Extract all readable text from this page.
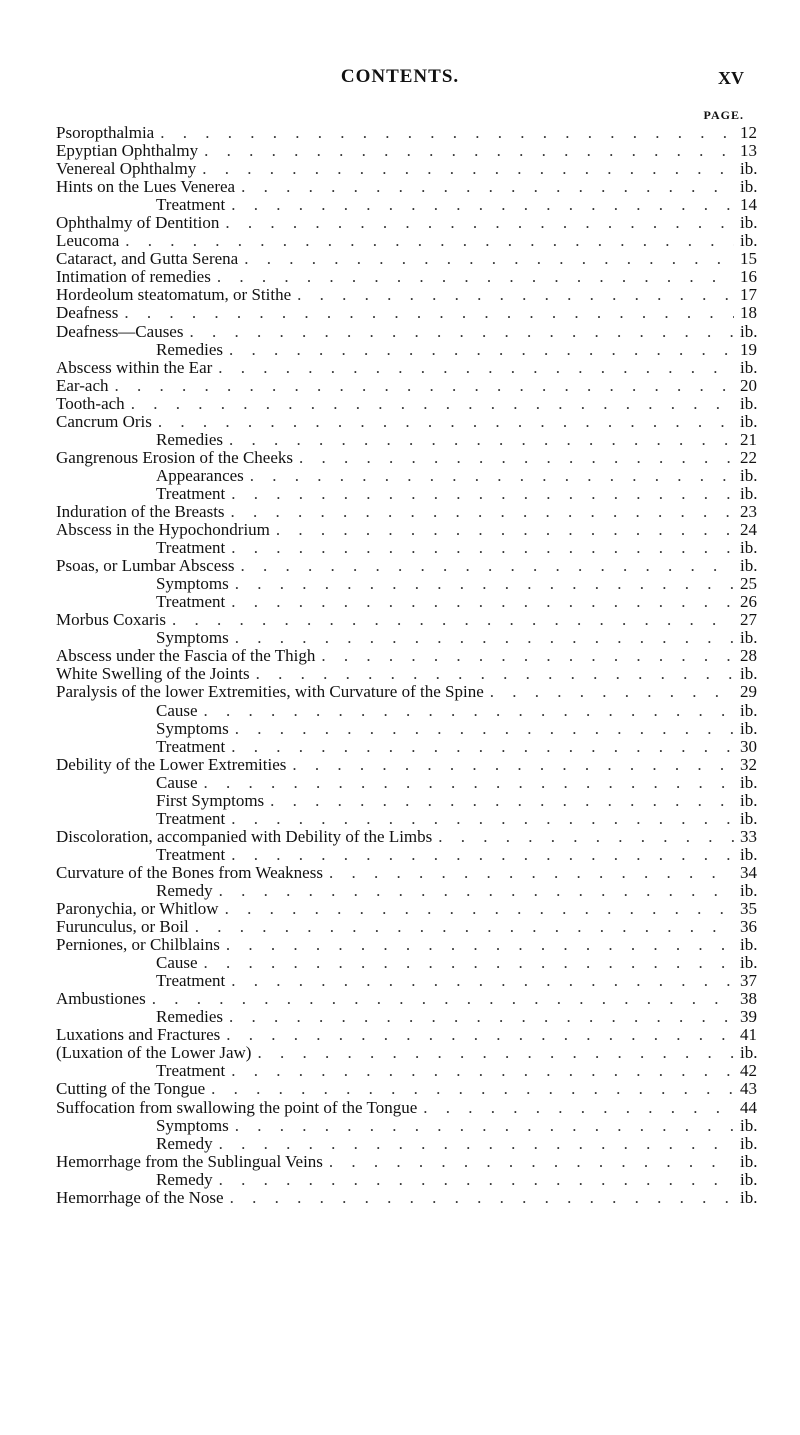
CONTENTS.	XV
PAGE.
Psoropthalmia . . .	12
Epyptian Ophthalmy . . .	13
Venereal Ophthalmy . . .	ib.
Hints on the Lues Venerea . . .	ib.
Treatment . . .	14
Ophthalmy of Dentition . . .	ib.
Leucoma . . .	ib.
Cataract, and Gutta Serena . . .	15
Intimation of remedies . . .	16
Hordeolum steatomatum, or Stithe . . .	17
Deafness . . .	18
Deafness—Causes . . .	ib.
Remedies . . .	19
Abscess within the Ear . . .	ib.
Ear-ach . . .	20
Tooth-ach . . .	ib.
Cancrum Oris . . .	ib.
Remedies . . .	21
Gangrenous Erosion of the Cheeks . . .	22
Appearances . . .	ib.
Treatment . . .	ib.
Induration of the Breasts . . .	23
Abscess in the Hypochondrium . . .	24
Treatment . . .	ib.
Psoas, or Lumbar Abscess . . .	ib.
Symptoms . . .	25
Treatment . . .	26
Morbus Coxaris . . .	27
Symptoms . . .	ib.
Abscess under the Fascia of the Thigh . . .	28
White Swelling of the Joints . . .	ib.
Paralysis of the lower Extremities, with Curvature of the Spine . . .	29
Cause . . .	ib.
Symptoms . . .	ib.
Treatment . . .	30
Debility of the Lower Extremities . . .	32
Cause . . .	ib.
First Symptoms . . .	ib.
Treatment . . .	ib.
Discoloration, accompanied with Debility of the Limbs . . .	33
Treatment . . .	ib.
Curvature of the Bones from Weakness . . .	34
Remedy . . .	ib.
Paronychia, or Whitlow . . .	35
Furunculus, or Boil . . .	36
Perniones, or Chilblains . . .	ib.
Cause . . .	ib.
Treatment . . .	37
Ambustiones . . .	38
Remedies . . .	39
Luxations and Fractures . . .	41
(Luxation of the Lower Jaw) . . .	ib.
Treatment . . .	42
Cutting of the Tongue . . .	43
Suffocation from swallowing the point of the Tongue . . .	44
Symptoms . . .	ib.
Remedy . . .	ib.
Hemorrhage from the Sublingual Veins . . .	ib.
Remedy . . .	ib.
Hemorrhage of the Nose . . .	ib.
